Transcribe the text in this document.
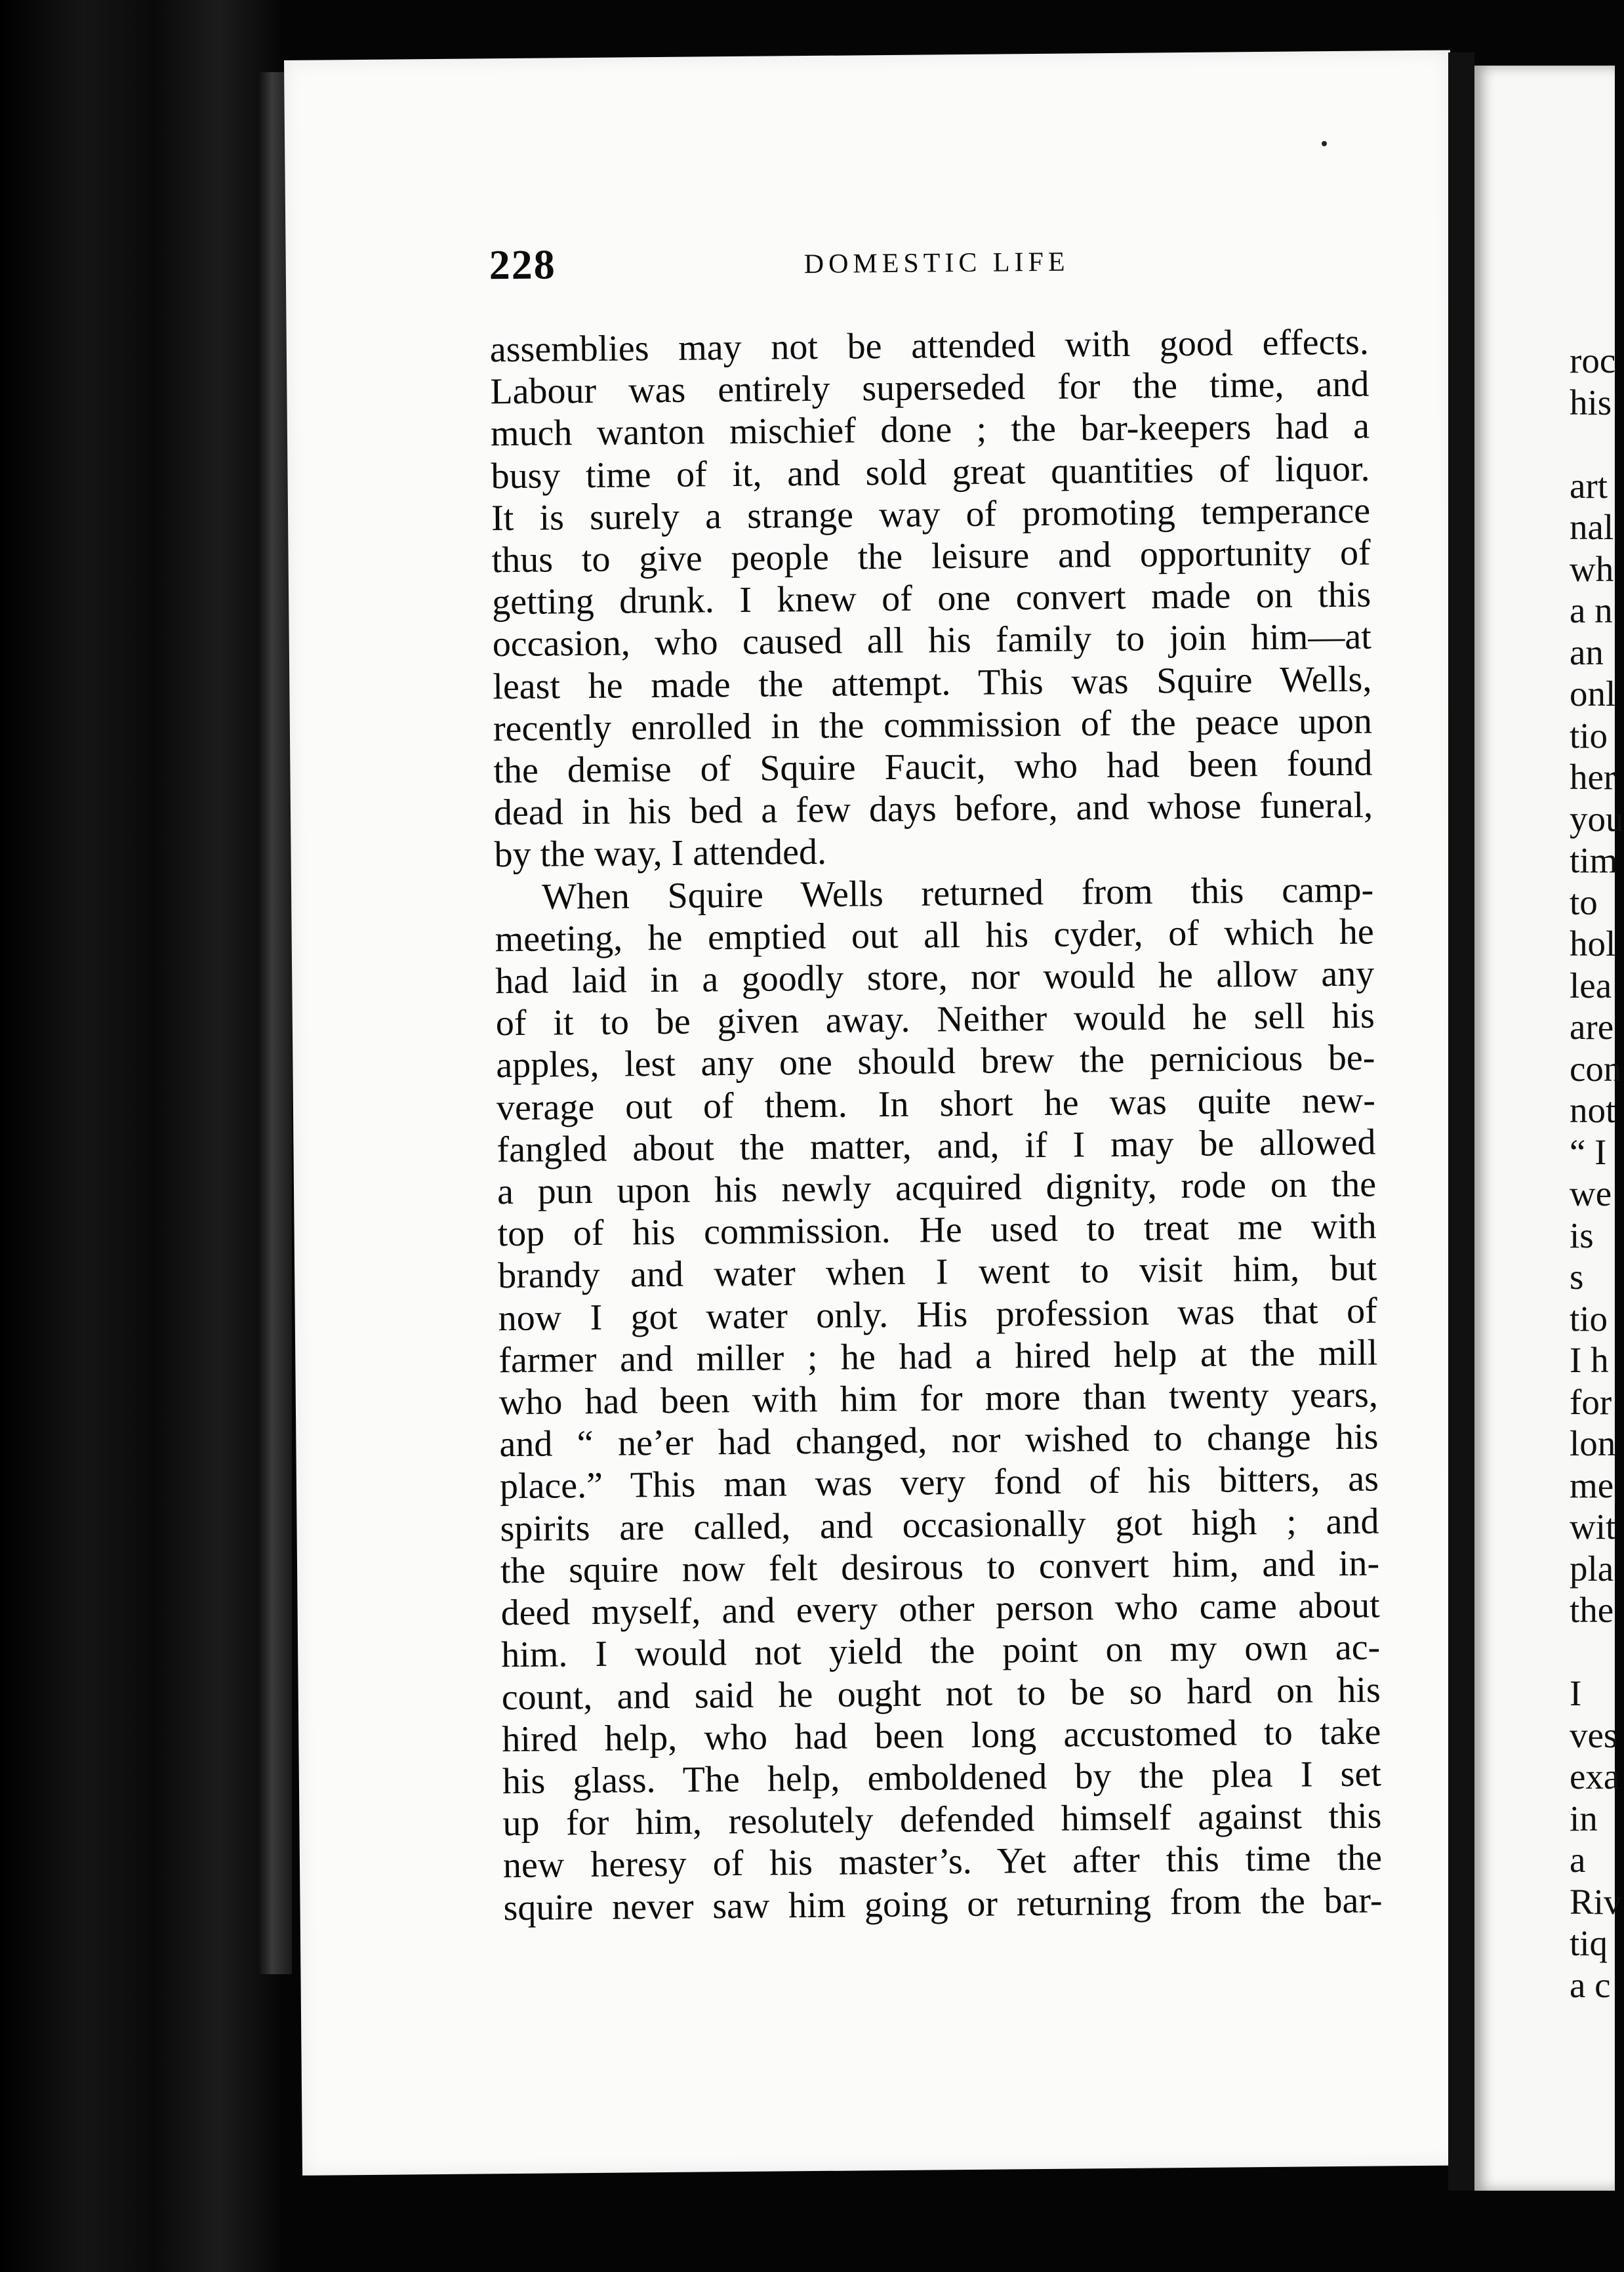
228	DOMESTIC LIFE
assemblies may not be attended with good effects.
Labour was entirely superseded for the time, and
much wanton mischief done ; the bar-keepers had a
busy time of it, and sold great quantities of liquor.
It is surely a strange way of promoting temperance
thus to give people the leisure and opportunity of
getting drunk. I knew of one convert made on this
occasion, who caused all his family to join him—at
least he made the attempt. This was Squire Wells,
recently enrolled in the commission of the peace upon
the demise of Squire Faucit, who had been found
dead in his bed a few days before, and whose funeral,
by the way, I attended.
When Squire Wells returned from this camp-
meeting, he emptied out all his cyder, of which he
had laid in a goodly store, nor would he allow any
of it to be given away. Neither would he sell his
apples, lest any one should brew the pernicious be-
verage out of them. In short he was quite new-
fangled about the matter, and, if I may be allowed
a pun upon his newly acquired dignity, rode on the
top of his commission. He used to treat me with
brandy and water when I went to visit him, but
now I got water only. His profession was that of
farmer and miller ; he had a hired help at the mill
who had been with him for more than twenty years,
and “ ne’er had changed, nor wished to change his
place.” This man was very fond of his bitters, as
spirits are called, and occasionally got high ; and
the squire now felt desirous to convert him, and in-
deed myself, and every other person who came about
him. I would not yield the point on my own ac-
count, and said he ought not to be so hard on his
hired help, who had been long accustomed to take
his glass. The help, emboldened by the plea I set
up for him, resolutely defended himself against this
new heresy of his master’s. Yet after this time the
squire never saw him going or returning from the bar-
roc
his

art
nal
wh
a n
an
onl
tio
her
you
tim
to
hol
lea
are
con
not
“ I
we
is s
tio
I h
for
lon
me
wit
pla
the

I
ves
exa
in a
Riv
tiq
a c
